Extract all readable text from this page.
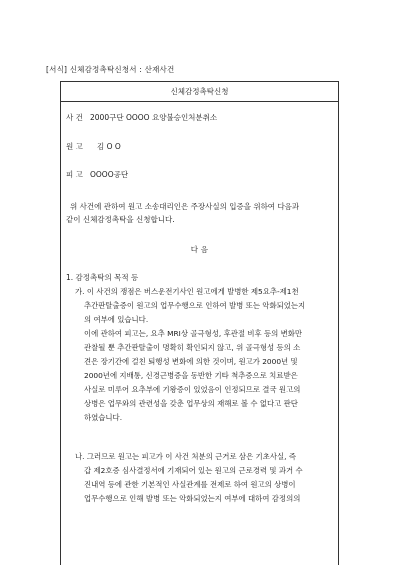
[서식] 신체감정촉탁신청서 : 산재사건
신체감정촉탁신청
사 건 2000구단 OOOO 요양불승인처분취소
원 고 김 O O
피 고 OOOO공단
위 사건에 관하여 원고 소송대리인은 주장사실의 입증을 위하여 다음과
같이 신체감정촉탁을 신청합니다.
다 음
1. 감정촉탁의 목적 등
가. 이 사건의 쟁점은 버스운전기사인 원고에게 발병한 제5요추-제1천
추간판탈출증이 원고의 업무수행으로 인하여 발병 또는 악화되었는지
의 여부에 있습니다.
이에 관하여 피고는, 요추 MRI상 골극형성, 후관절 비후 등의 변화만
관찰될 뿐 추간판탈출이 명확히 확인되지 않고, 위 골극형성 등의 소
견은 장기간에 걸친 퇴행성 변화에 의한 것이며, 원고가 2000년 및
2000년에 지배통, 신경근병증을 동반한 기타 척추증으로 치료받은
사실로 미루어 요추부에 기왕증이 있었음이 인정되므로 결국 원고의
상병은 업무와의 관련성을 갖춘 업무상의 재해로 볼 수 없다고 판단
하였습니다.
나. 그러므로 원고는 피고가 이 사건 처분의 근거로 삼은 기초사실, 즉
갑 제2호증 심사결정서에 기재되어 있는 원고의 근로경력 및 과거 수
진내역 등에 관한 기본적인 사실관계를 전제로 하여 원고의 상병이
업무수행으로 인해 발병 또는 악화되었는지 여부에 대하여 감정의의
